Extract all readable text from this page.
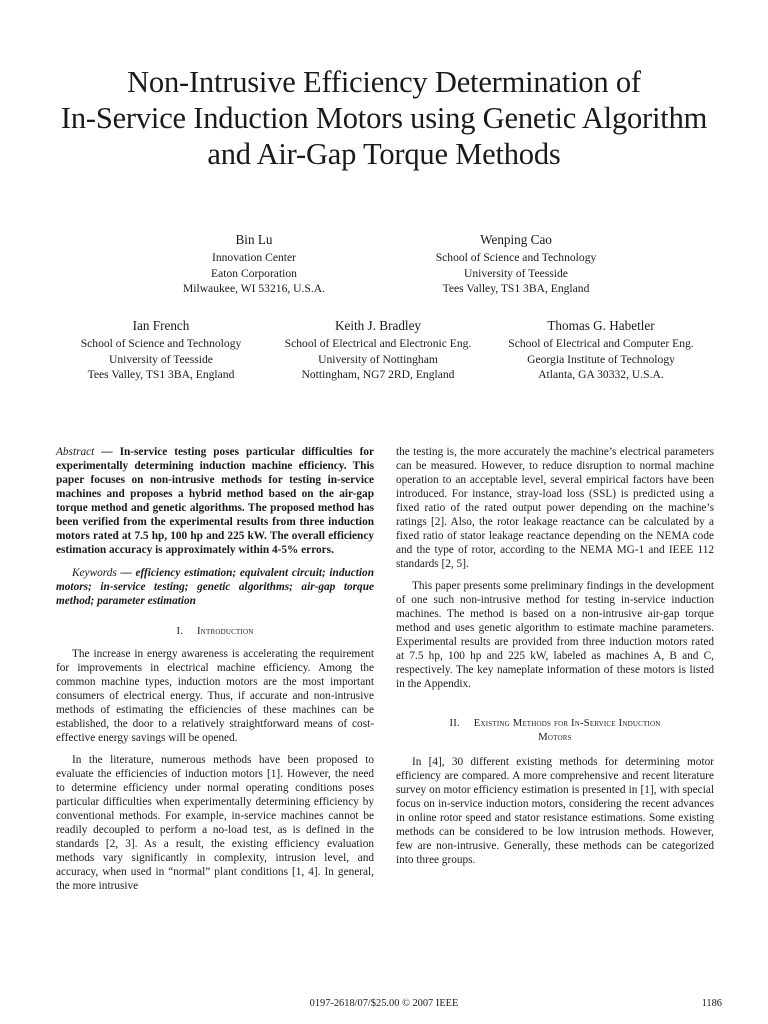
Non-Intrusive Efficiency Determination of
In-Service Induction Motors using Genetic Algorithm
and Air-Gap Torque Methods
Bin Lu
Innovation Center
Eaton Corporation
Milwaukee, WI 53216, U.S.A.
Wenping Cao
School of Science and Technology
University of Teesside
Tees Valley, TS1 3BA, England
Ian French
School of Science and Technology
University of Teesside
Tees Valley, TS1 3BA, England
Keith J. Bradley
School of Electrical and Electronic Eng.
University of Nottingham
Nottingham, NG7 2RD, England
Thomas G. Habetler
School of Electrical and Computer Eng.
Georgia Institute of Technology
Atlanta, GA 30332, U.S.A.

Abstract — In-service testing poses particular difficulties for experimentally determining induction machine efficiency. This paper focuses on non-intrusive methods for testing in-service machines and proposes a hybrid method based on the air-gap torque method and genetic algorithms. The proposed method has been verified from the experimental results from three induction motors rated at 7.5 hp, 100 hp and 225 kW. The overall efficiency estimation accuracy is approximately within 4-5% errors.

Keywords — efficiency estimation; equivalent circuit; induction motors; in-service testing; genetic algorithms; air-gap torque method; parameter estimation

I. Introduction

The increase in energy awareness is accelerating the requirement for improvements in electrical machine efficiency. Among the common machine types, induction motors are the most important consumers of electrical energy. Thus, if accurate and non-intrusive methods of estimating the efficiencies of these machines can be established, the door to a relatively straightforward means of cost-effective energy savings will be opened.

In the literature, numerous methods have been proposed to evaluate the efficiencies of induction motors [1]. However, the need to determine efficiency under normal operating conditions poses particular difficulties when experimentally determining efficiency by conventional methods. For example, in-service machines cannot be readily decoupled to perform a no-load test, as is defined in the standards [2, 3]. As a result, the existing efficiency evaluation methods vary significantly in complexity, intrusion level, and accuracy, when used in “normal” plant conditions [1, 4]. In general, the more intrusive

the testing is, the more accurately the machine’s electrical parameters can be measured. However, to reduce disruption to normal machine operation to an acceptable level, several empirical factors have been introduced. For instance, stray-load loss (SSL) is predicted using a fixed ratio of the rated output power depending on the machine’s ratings [2]. Also, the rotor leakage reactance can be calculated by a fixed ratio of stator leakage reactance depending on the NEMA code and the type of rotor, according to the NEMA MG-1 and IEEE 112 standards [2, 5].

This paper presents some preliminary findings in the development of one such non-intrusive method for testing in-service induction machines. The method is based on a non-intrusive air-gap torque method and uses genetic algorithm to estimate machine parameters. Experimental results are provided from three induction motors rated at 7.5 hp, 100 hp and 225 kW, labeled as machines A, B and C, respectively. The key nameplate information of these motors is listed in the Appendix.

II. Existing Methods for In-Service Induction
Motors

In [4], 30 different existing methods for determining motor efficiency are compared. A more comprehensive and recent literature survey on motor efficiency estimation is presented in [1], with special focus on in-service induction motors, considering the recent advances in online rotor speed and stator resistance estimations. Some existing methods can be considered to be low intrusion methods. However, few are non-intrusive. Generally, these methods can be categorized into three groups.

0197-2618/07/$25.00 © 2007 IEEE	1186
